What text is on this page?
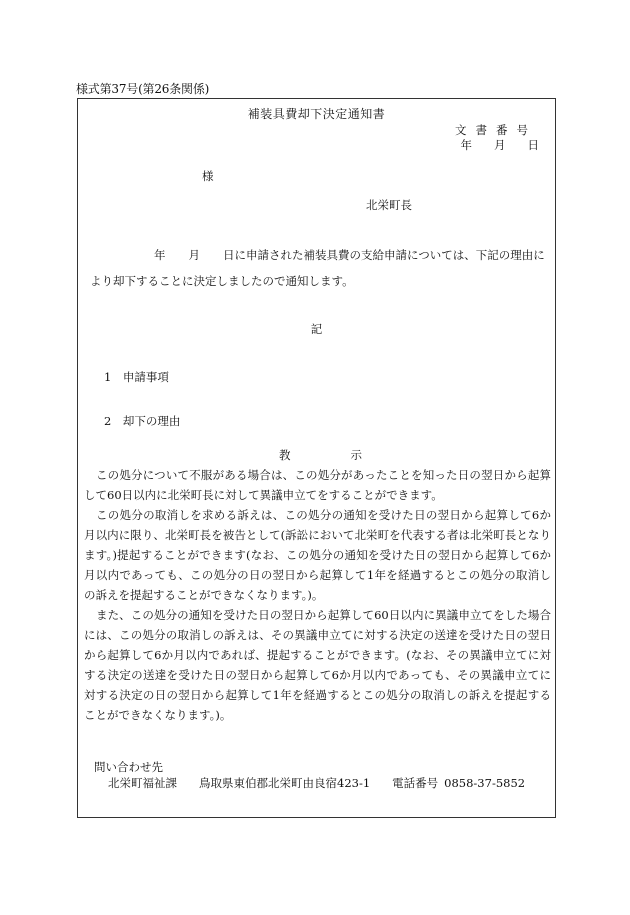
様式第37号(第26条関係)
補装具費却下決定通知書
文書番号
年 月 日
様
北栄町長

年　　月　　日に申請された補装具費の支給申請については、下記の理由に

より却下することに決定しましたので通知します。

記
1　 申請事項
2　 却下の理由
教	示

この処分について不服がある場合は、この処分があったことを知った日の翌日から起算して60日以内に北栄町長に対して異議申立てをすることができます。

この処分の取消しを求める訴えは、この処分の通知を受けた日の翌日から起算して6か月以内に限り、北栄町長を被告として(訴訟において北栄町を代表する者は北栄町長となります。)提起することができます(なお、この処分の通知を受けた日の翌日から起算して6か月以内であっても、この処分の日の翌日から起算して1年を経過するとこの処分の取消しの訴えを提起することができなくなります。)。

また、この処分の通知を受けた日の翌日から起算して60日以内に異議申立てをした場合には、この処分の取消しの訴えは、その異議申立てに対する決定の送達を受けた日の翌日から起算して6か月以内であれば、提起することができます。(なお、その異議申立てに対する決定の送達を受けた日の翌日から起算して6か月以内であっても、その異議申立てに対する決定の日の翌日から起算して1年を経過するとこの処分の取消しの訴えを提起することができなくなります。)。

問い合わせ先
北栄町福祉課 鳥取県東伯郡北栄町由良宿423-1 電話番号 0858-37-5852
